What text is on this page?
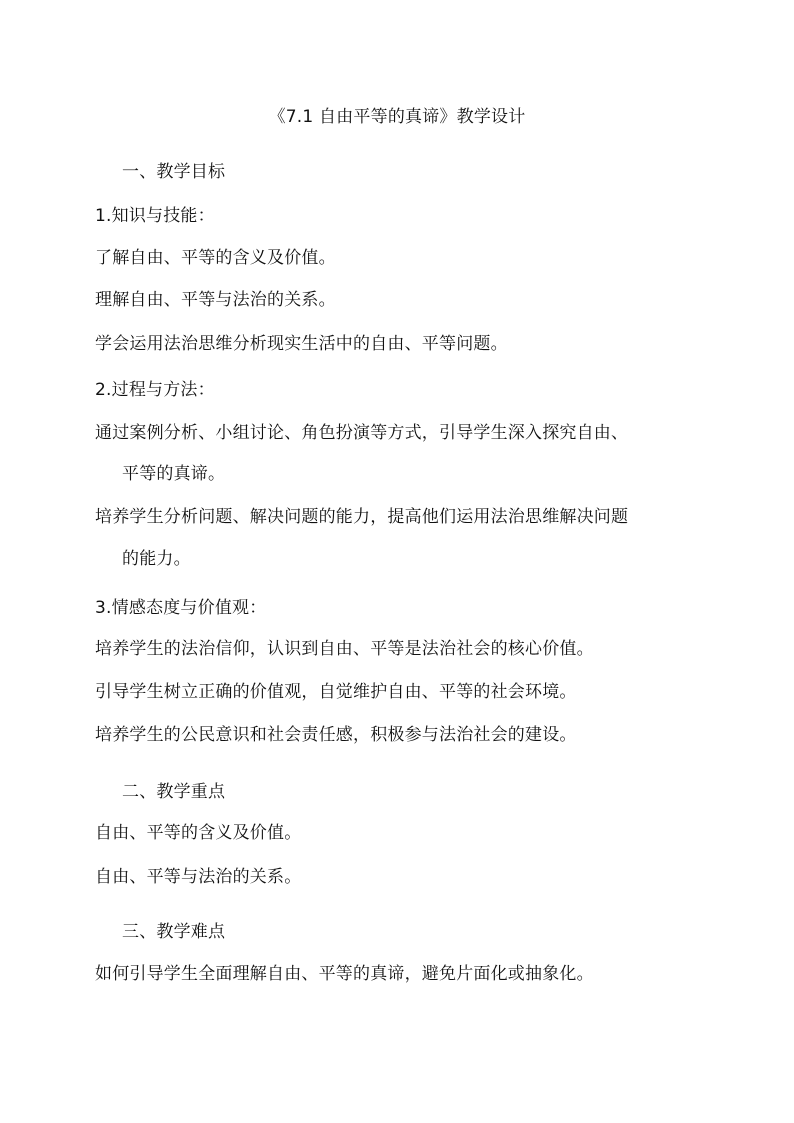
《7.1 自由平等的真谛》教学设计
一、教学目标
1.知识与技能：
了解自由、平等的含义及价值。
理解自由、平等与法治的关系。
学会运用法治思维分析现实生活中的自由、平等问题。
2.过程与方法：
通过案例分析、小组讨论、角色扮演等方式，引导学生深入探究自由、
平等的真谛。
培养学生分析问题、解决问题的能力，提高他们运用法治思维解决问题
的能力。
3.情感态度与价值观：
培养学生的法治信仰，认识到自由、平等是法治社会的核心价值。
引导学生树立正确的价值观，自觉维护自由、平等的社会环境。
培养学生的公民意识和社会责任感，积极参与法治社会的建设。
二、教学重点
自由、平等的含义及价值。
自由、平等与法治的关系。
三、教学难点
如何引导学生全面理解自由、平等的真谛，避免片面化或抽象化。
